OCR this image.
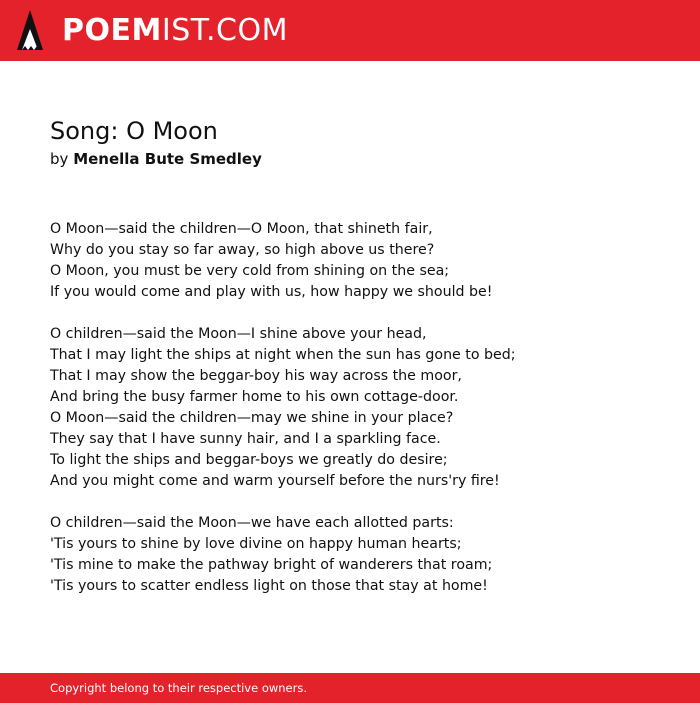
POEMIST.COM
Song: O Moon
by Menella Bute Smedley
O Moon—said the children—O Moon, that shineth fair,
Why do you stay so far away, so high above us there?
O Moon, you must be very cold from shining on the sea;
If you would come and play with us, how happy we should be!
O children—said the Moon—I shine above your head,
That I may light the ships at night when the sun has gone to bed;
That I may show the beggar-boy his way across the moor,
And bring the busy farmer home to his own cottage-door.
O Moon—said the children—may we shine in your place?
They say that I have sunny hair, and I a sparkling face.
To light the ships and beggar-boys we greatly do desire;
And you might come and warm yourself before the nurs'ry fire!
O children—said the Moon—we have each allotted parts:
'Tis yours to shine by love divine on happy human hearts;
'Tis mine to make the pathway bright of wanderers that roam;
'Tis yours to scatter endless light on those that stay at home!
Copyright belong to their respective owners.
